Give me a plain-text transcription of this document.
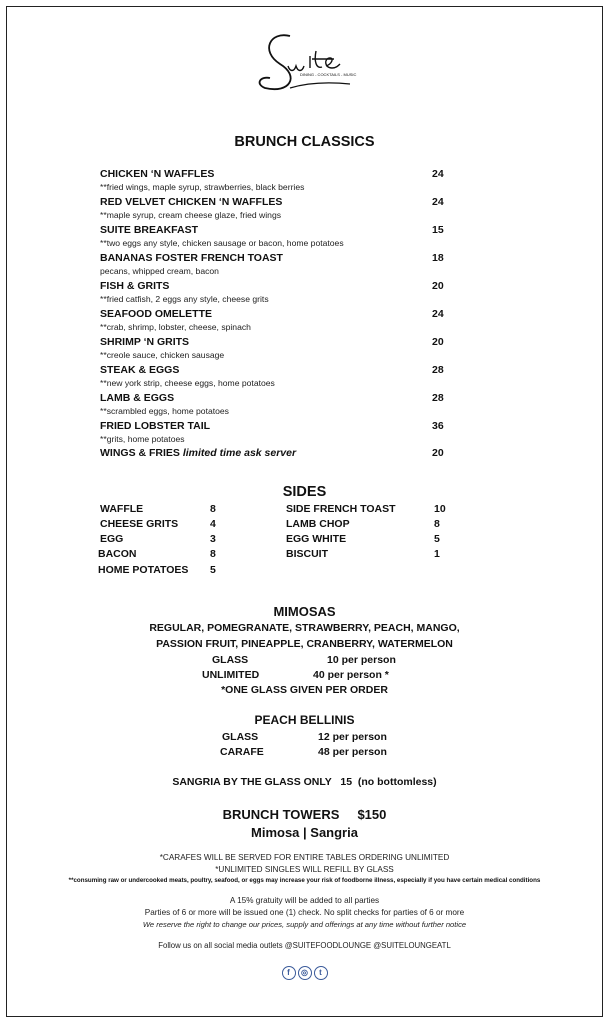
DINING - COCKTAILS - MUSIC
BRUNCH CLASSICS
CHICKEN ‘N WAFFLES	24
**fried wings, maple syrup, strawberries, black berries
RED VELVET CHICKEN ‘N WAFFLES	24
**maple syrup, cream cheese glaze, fried wings
SUITE BREAKFAST	15
**two eggs any style, chicken sausage or bacon, home potatoes
BANANAS FOSTER FRENCH TOAST	18
pecans, whipped cream, bacon
FISH & GRITS	20
**fried catfish, 2 eggs any style, cheese grits
SEAFOOD OMELETTE	24
**crab, shrimp, lobster, cheese, spinach
SHRIMP ‘N GRITS	20
**creole sauce, chicken sausage
STEAK & EGGS	28
**new york strip, cheese eggs, home potatoes
LAMB & EGGS	28
**scrambled eggs, home potatoes
FRIED LOBSTER TAIL	36
**grits, home potatoes
WINGS & FRIES limited time ask server	20
SIDES
WAFFLE	8
CHEESE GRITS	4
EGG	3
BACON	8
HOME POTATOES 5
SIDE FRENCH TOAST	10
LAMB CHOP	8
EGG WHITE	5
BISCUIT	1
MIMOSAS
REGULAR, POMEGRANATE, STRAWBERRY, PEACH, MANGO,
PASSION FRUIT, PINEAPPLE, CRANBERRY, WATERMELON
GLASS	10 per person
UNLIMITED	40 per person *
*ONE GLASS GIVEN PER ORDER
PEACH BELLINIS
GLASS	12 per person
CARAFE	48 per person
SANGRIA BY THE GLASS ONLY   15  (no bottomless)
BRUNCH TOWERS     $150
Mimosa | Sangria
*CARAFES WILL BE SERVED FOR ENTIRE TABLES ORDERING UNLIMITED
*UNLIMITED SINGLES WILL REFILL BY GLASS
**consuming raw or undercooked meats, poultry, seafood, or eggs may increase your risk of foodborne illness, especially if you have certain medical conditions
A 15% gratuity will be added to all parties
Parties of 6 or more will be issued one (1) check. No split checks for parties of 6 or more
We reserve the right to change our prices, supply and offerings at any time without further notice
Follow us on all social media outlets @SUITEFOODLOUNGE @SUITELOUNGEATL
f ◎ t
